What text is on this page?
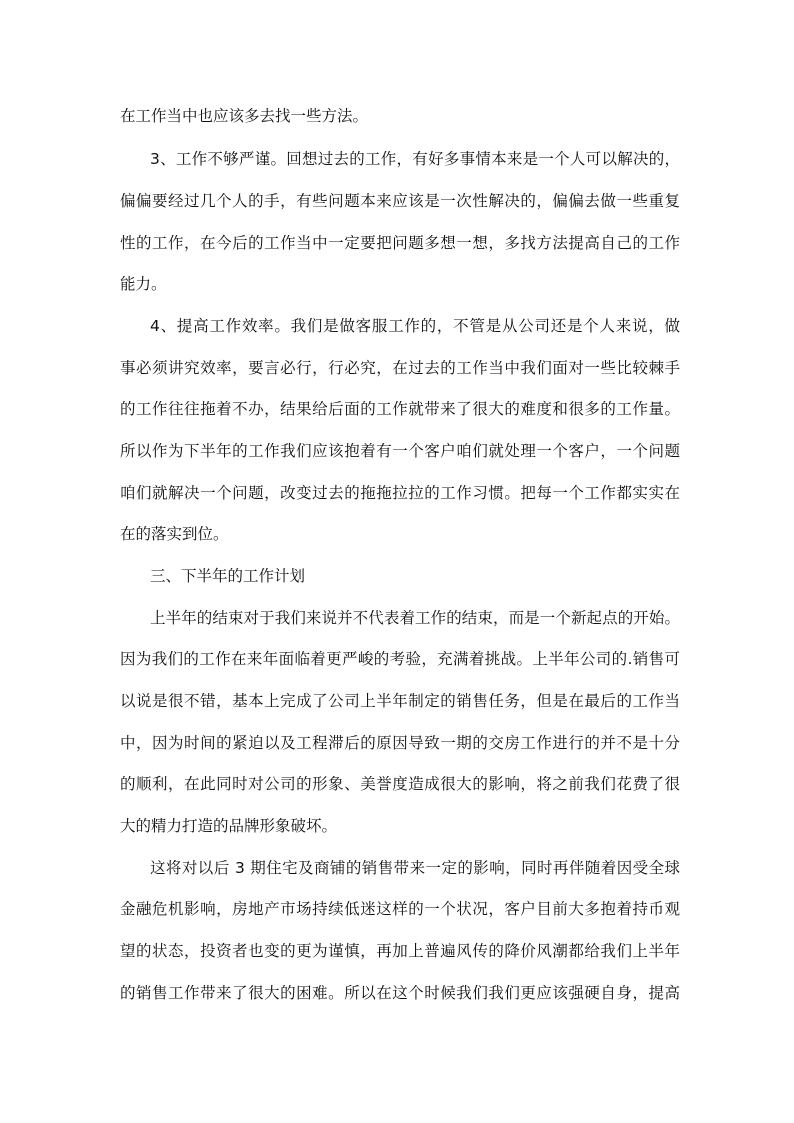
在工作当中也应该多去找一些方法。
3、工作不够严谨。回想过去的工作，有好多事情本来是一个人可以解决的，
偏偏要经过几个人的手，有些问题本来应该是一次性解决的，偏偏去做一些重复
性的工作，在今后的工作当中一定要把问题多想一想，多找方法提高自己的工作
能力。
4、提高工作效率。我们是做客服工作的，不管是从公司还是个人来说，做
事必须讲究效率，要言必行，行必究，在过去的工作当中我们面对一些比较棘手
的工作往往拖着不办，结果给后面的工作就带来了很大的难度和很多的工作量。
所以作为下半年的工作我们应该抱着有一个客户咱们就处理一个客户，一个问题
咱们就解决一个问题，改变过去的拖拖拉拉的工作习惯。把每一个工作都实实在
在的落实到位。
三、下半年的工作计划
上半年的结束对于我们来说并不代表着工作的结束，而是一个新起点的开始。
因为我们的工作在来年面临着更严峻的考验，充满着挑战。上半年公司的.销售可
以说是很不错，基本上完成了公司上半年制定的销售任务，但是在最后的工作当
中，因为时间的紧迫以及工程滞后的原因导致一期的交房工作进行的并不是十分
的顺利，在此同时对公司的形象、美誉度造成很大的影响，将之前我们花费了很
大的精力打造的品牌形象破坏。
这将对以后 3 期住宅及商铺的销售带来一定的影响，同时再伴随着因受全球
金融危机影响，房地产市场持续低迷这样的一个状况，客户目前大多抱着持币观
望的状态，投资者也变的更为谨慎，再加上普遍风传的降价风潮都给我们上半年
的销售工作带来了很大的困难。所以在这个时候我们我们更应该强硬自身，提高
